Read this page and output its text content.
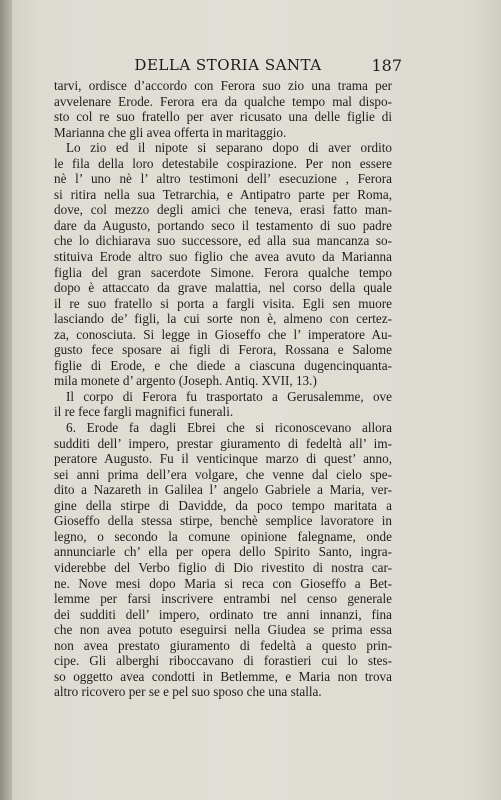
DELLA STORIA SANTA	187
tarvi, ordisce d’accordo con Ferora suo zio una trama per
avvelenare Erode. Ferora era da qualche tempo mal dispo-
sto col re suo fratello per aver ricusato una delle figlie di
Marianna che gli avea offerta in maritaggio.
Lo zio ed il nipote si separano dopo di aver ordito
le fila della loro detestabile cospirazione. Per non essere
nè l’ uno nè l’ altro testimoni dell’ esecuzione , Ferora
si ritira nella sua Tetrarchia, e Antipatro parte per Roma,
dove, col mezzo degli amici che teneva, erasi fatto man-
dare da Augusto, portando seco il testamento di suo padre
che lo dichiarava suo successore, ed alla sua mancanza so-
stituiva Erode altro suo figlio che avea avuto da Marianna
figlia del gran sacerdote Simone. Ferora qualche tempo
dopo è attaccato da grave malattia, nel corso della quale
il re suo fratello si porta a fargli visita. Egli sen muore
lasciando de’ figli, la cui sorte non è, almeno con certez-
za, conosciuta. Si legge in Gioseffo che l’ imperatore Au-
gusto fece sposare ai figli di Ferora, Rossana e Salome
figlie di Erode, e che diede a ciascuna dugencinquanta-
mila monete d’ argento (Joseph. Antiq. XVII, 13.)
Il corpo di Ferora fu trasportato a Gerusalemme, ove
il re fece fargli magnifici funerali.
6. Erode fa dagli Ebrei che si riconoscevano allora
sudditi dell’ impero, prestar giuramento di fedeltà all’ im-
peratore Augusto. Fu il venticinque marzo di quest’ anno,
sei anni prima dell’era volgare, che venne dal cielo spe-
dito a Nazareth in Galilea l’ angelo Gabriele a Maria, ver-
gine della stirpe di Davidde, da poco tempo maritata a
Gioseffo della stessa stirpe, benchè semplice lavoratore in
legno, o secondo la comune opinione falegname, onde
annunciarle ch’ ella per opera dello Spirito Santo, ingra-
viderebbe del Verbo figlio di Dio rivestito di nostra car-
ne. Nove mesi dopo Maria si reca con Gioseffo a Bet-
lemme per farsi inscrivere entrambi nel censo generale
dei sudditi dell’ impero, ordinato tre anni innanzi, fina
che non avea potuto eseguirsi nella Giudea se prima essa
non avea prestato giuramento di fedeltà a questo prin-
cipe. Gli alberghi riboccavano di forastieri cui lo stes-
so oggetto avea condotti in Betlemme, e Maria non trova
altro ricovero per se e pel suo sposo che una stalla.
